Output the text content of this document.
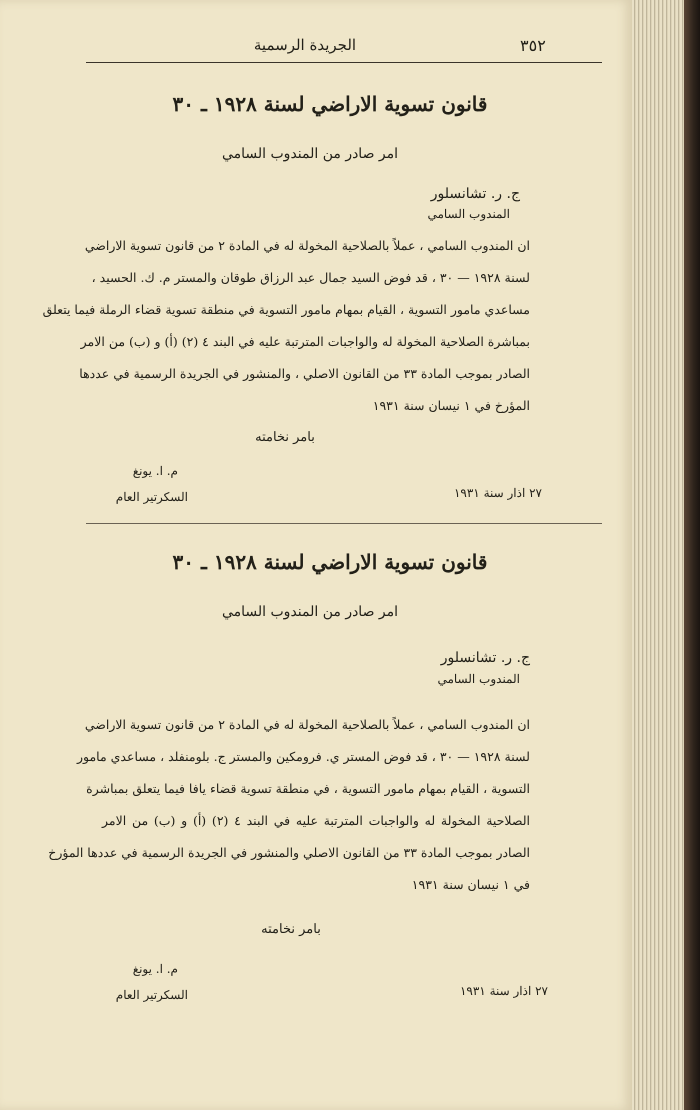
٣٥٢
الجريدة الرسمية
قانون تسوية الاراضي لسنة ١٩٢٨ ـ ٣٠
امر صادر من المندوب السامي
ج. ر. تشانسلور
المندوب السامي
ان المندوب السامي ، عملاً بالصلاحية المخولة له في المادة ٢ من قانون تسوية الاراضي
لسنة ١٩٢٨ — ٣٠ ، قد فوض السيد جمال عبد الرزاق طوقان والمستر م. ك. الحسيد ،
مساعدي مامور التسوية ، القيام بمهام مامور التسوية في منطقة تسوية قضاء الرملة فيما يتعلق
بمباشرة الصلاحية المخولة له والواجبات المترتبة عليه في البند ٤ (٢) (أ) و (ب) من الامر
الصادر بموجب المادة ٣٣ من القانون الاصلي ، والمنشور في الجريدة الرسمية في عددها
المؤرخ في ١ نيسان سنة ١٩٣١
بامر نخامته
م. ا. يونغ
السكرتير العام	٢٧ اذار سنة ١٩٣١
قانون تسوية الاراضي لسنة ١٩٢٨ ـ ٣٠
امر صادر من المندوب السامي
ج. ر. تشانسلور
المندوب السامي
ان المندوب السامي ، عملاً بالصلاحية المخولة له في المادة ٢ من قانون تسوية الاراضي
لسنة ١٩٢٨ — ٣٠ ، قد فوض المستر ي. فرومكين والمستر ج. بلومنفلد ، مساعدي مامور
التسوية ، القيام بمهام مامور التسوية ، في منطقة تسوية قضاء يافا فيما يتعلق بمباشرة
الصلاحية المخولة له والواجبات المترتبة عليه في البند ٤ (٢) (أ) و (ب) من الامر
الصادر بموجب المادة ٣٣ من القانون الاصلي والمنشور في الجريدة الرسمية في عددها المؤرخ
في ١ نيسان سنة ١٩٣١
بامر نخامته
م. ا. يونغ
السكرتير العام	٢٧ اذار سنة ١٩٣١
